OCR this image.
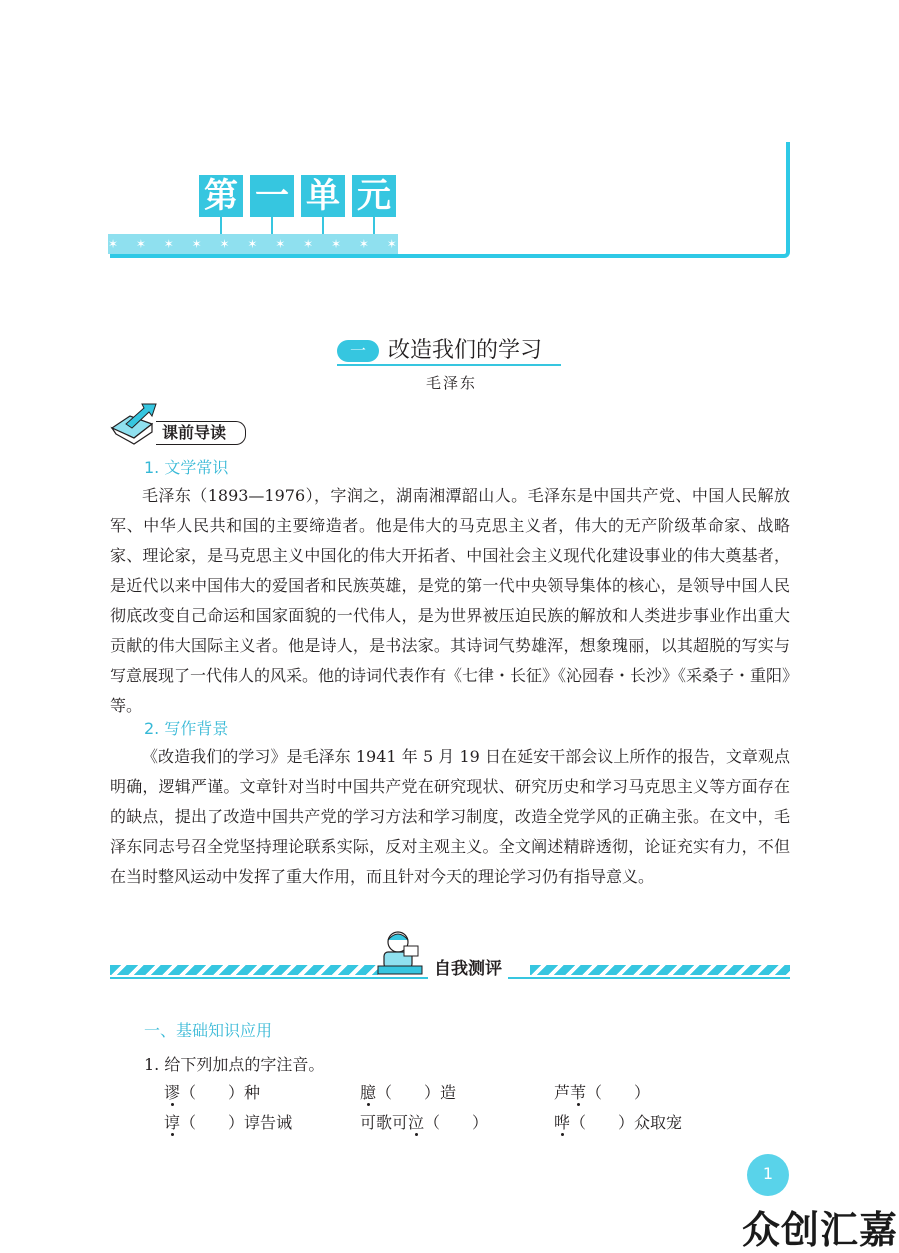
第 一 单 元
✶ ✶ ✶ ✶ ✶ ✶ ✶ ✶ ✶ ✶ ✶ ✶ ✶ ✶ ✶ ✶ ✶
一	改造我们的学习
毛泽东
课前导读
1. 文学常识

毛泽东（1893—1976），字润之，湖南湘潭韶山人。毛泽东是中国共产党、中国人民解放军、中华人民共和国的主要缔造者。他是伟大的马克思主义者，伟大的无产阶级革命家、战略家、理论家，是马克思主义中国化的伟大开拓者、中国社会主义现代化建设事业的伟大奠基者，是近代以来中国伟大的爱国者和民族英雄，是党的第一代中央领导集体的核心，是领导中国人民彻底改变自己命运和国家面貌的一代伟人，是为世界被压迫民族的解放和人类进步事业作出重大贡献的伟大国际主义者。他是诗人，是书法家。其诗词气势雄浑，想象瑰丽，以其超脱的写实与写意展现了一代伟人的风采。他的诗词代表作有《七律・长征》《沁园春・长沙》《采桑子・重阳》等。

2. 写作背景

《改造我们的学习》是毛泽东 1941 年 5 月 19 日在延安干部会议上所作的报告，文章观点明确，逻辑严谨。文章针对当时中国共产党在研究现状、研究历史和学习马克思主义等方面存在的缺点，提出了改造中国共产党的学习方法和学习制度，改造全党学风的正确主张。在文中，毛泽东同志号召全党坚持理论联系实际，反对主观主义。全文阐述精辟透彻，论证充实有力，不但在当时整风运动中发挥了重大作用，而且针对今天的理论学习仍有指导意义。

自我测评
一、基础知识应用
1. 给下列加点的字注音。
谬（　　）种	臆（　　）造	芦苇（　　）
谆（　　）谆告诫	可歌可泣（　　）	哗（　　）众取宠
1
众创汇嘉
